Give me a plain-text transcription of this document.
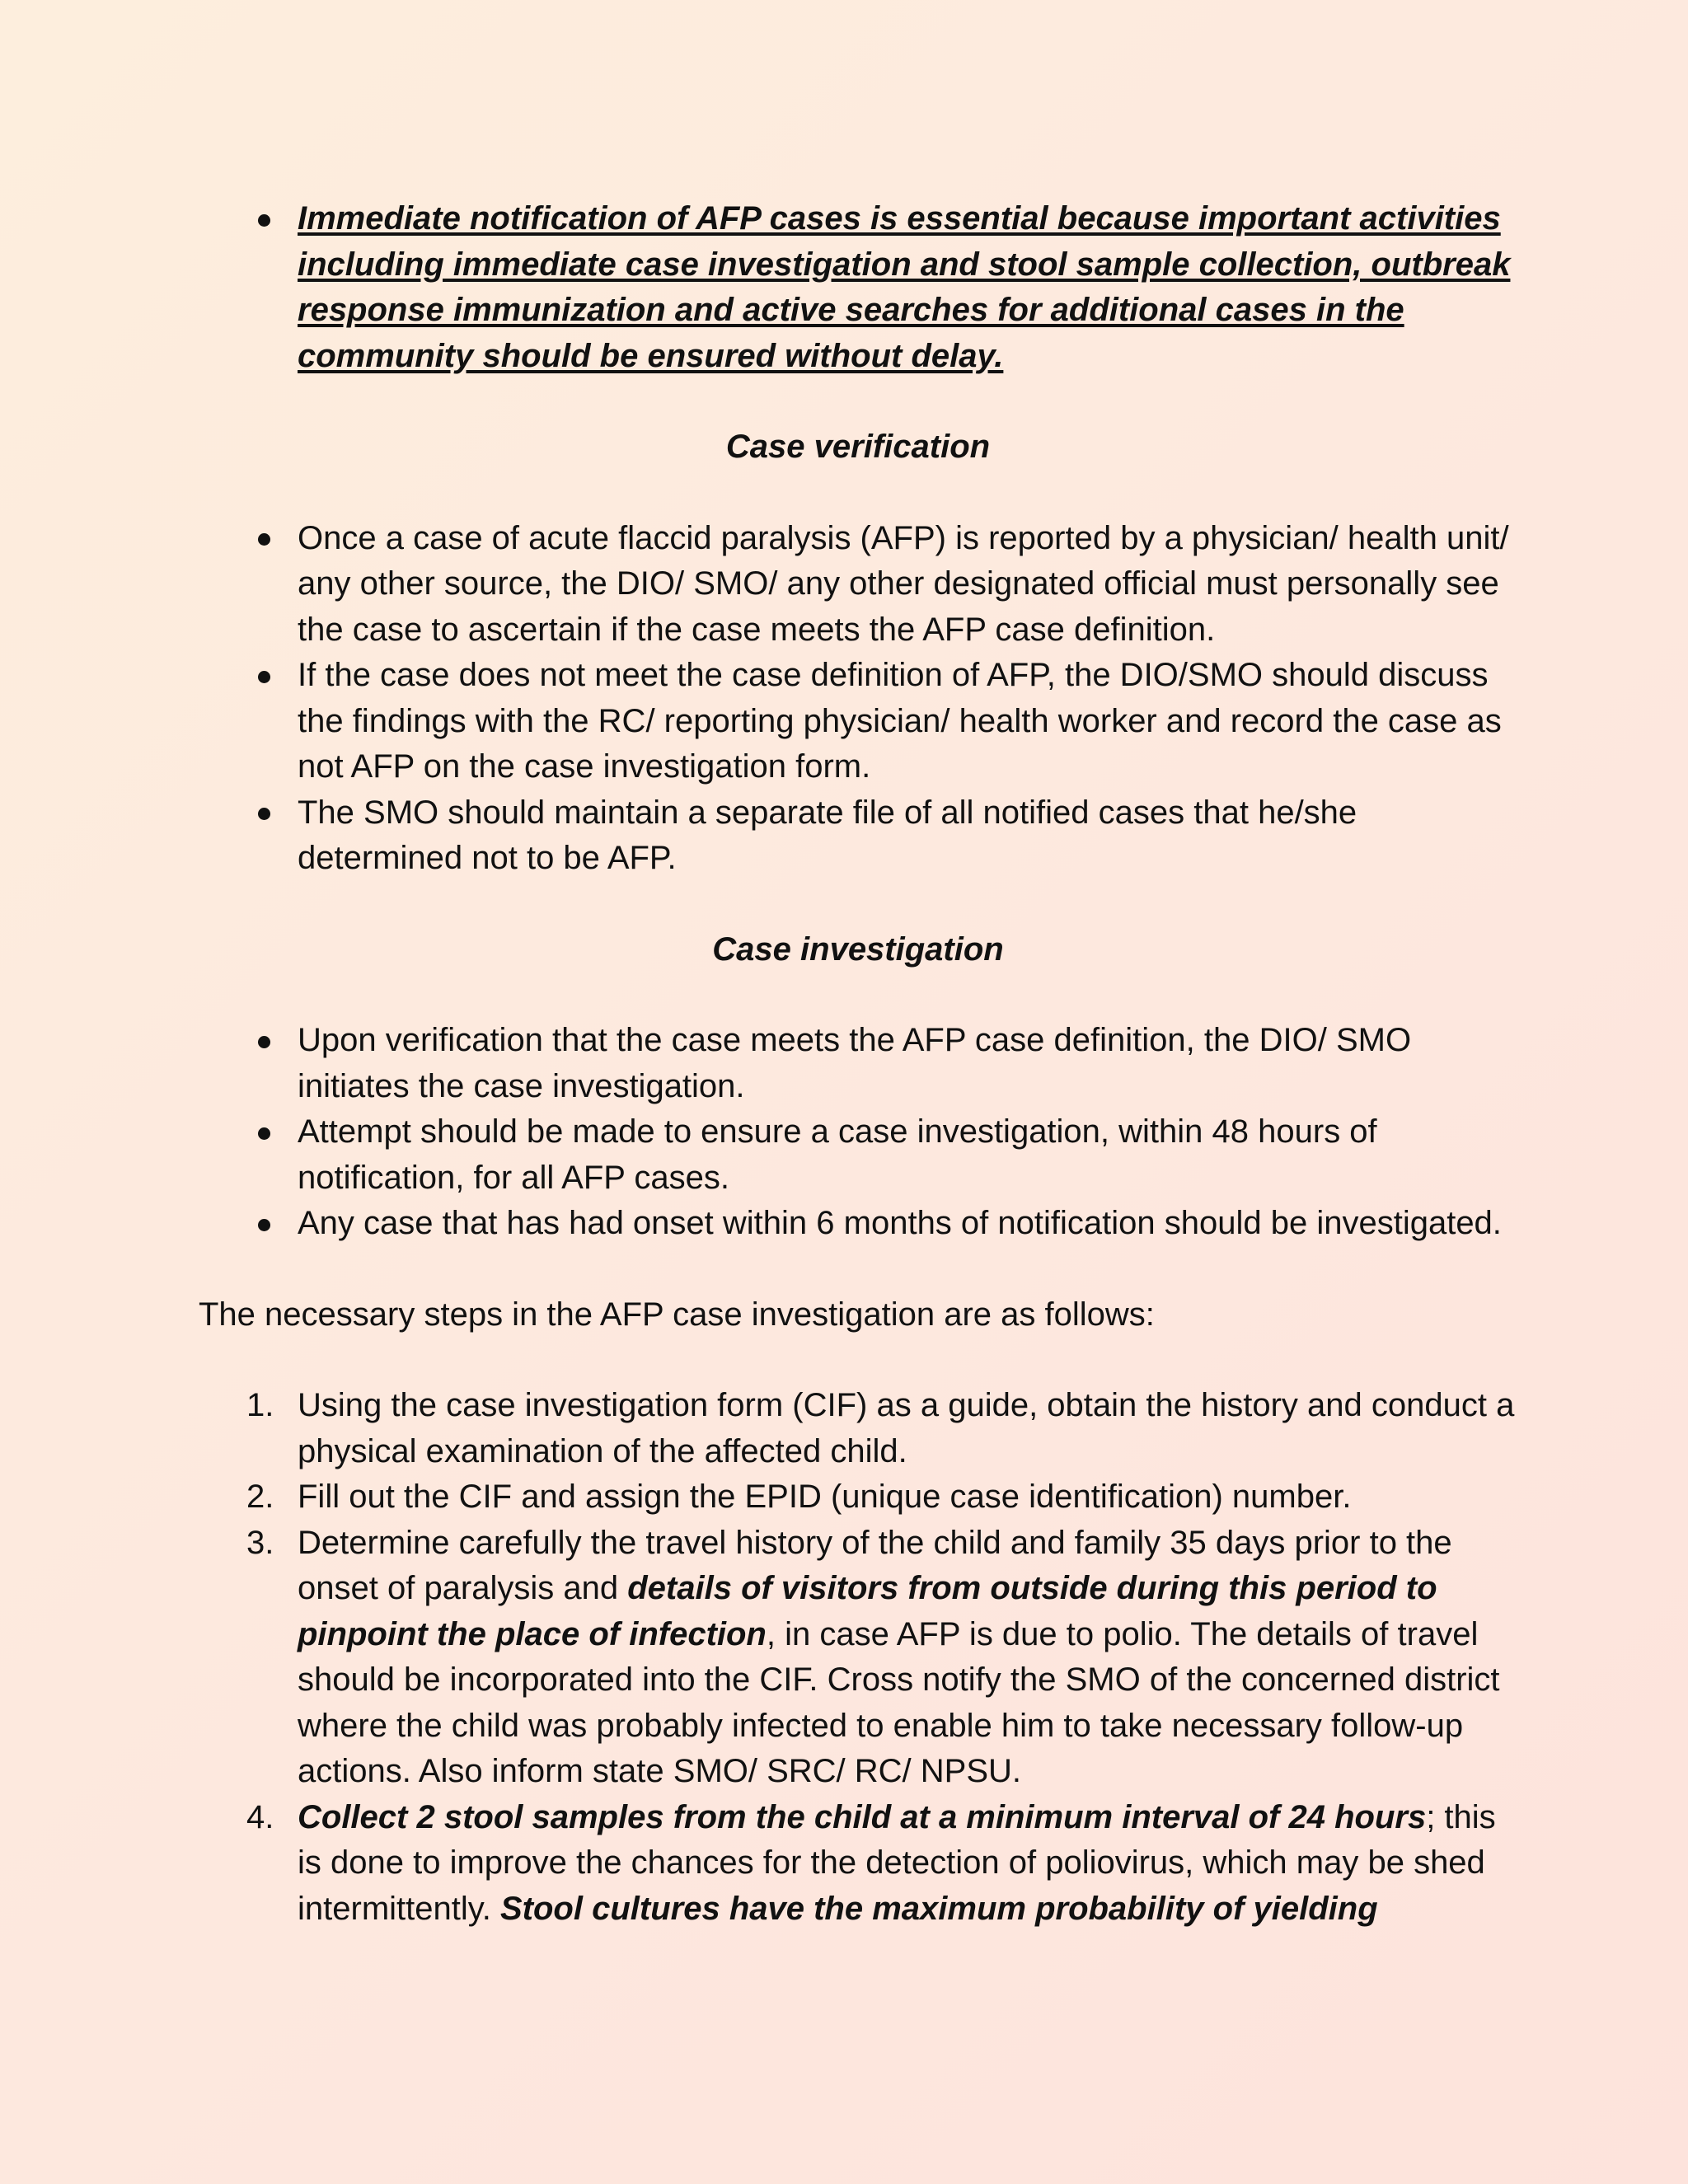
Immediate notification of AFP cases is essential because important activities including immediate case investigation and stool sample collection, outbreak response immunization and active searches for additional cases in the community should be ensured without delay.
Case verification
Once a case of acute flaccid paralysis (AFP) is reported by a physician/ health unit/ any other source, the DIO/ SMO/ any other designated official must personally see the case to ascertain if the case meets the AFP case definition.
If the case does not meet the case definition of AFP, the DIO/SMO should discuss the findings with the RC/ reporting physician/ health worker and record the case as not AFP on the case investigation form.
The SMO should maintain a separate file of all notified cases that he/she determined not to be AFP.
Case investigation
Upon verification that the case meets the AFP case definition, the DIO/ SMO initiates the case investigation.
Attempt should be made to ensure a case investigation, within 48 hours of notification, for all AFP cases.
Any case that has had onset within 6 months of notification should be investigated.

The necessary steps in the AFP case investigation are as follows:

1. Using the case investigation form (CIF) as a guide, obtain the history and conduct a physical examination of the affected child.
2. Fill out the CIF and assign the EPID (unique case identification) number.
3. Determine carefully the travel history of the child and family 35 days prior to the onset of paralysis and details of visitors from outside during this period to pinpoint the place of infection, in case AFP is due to polio. The details of travel should be incorporated into the CIF. Cross notify the SMO of the concerned district where the child was probably infected to enable him to take necessary follow-up actions. Also inform state SMO/ SRC/ RC/ NPSU.
4. Collect 2 stool samples from the child at a minimum interval of 24 hours; this is done to improve the chances for the detection of poliovirus, which may be shed intermittently. Stool cultures have the maximum probability of yielding
